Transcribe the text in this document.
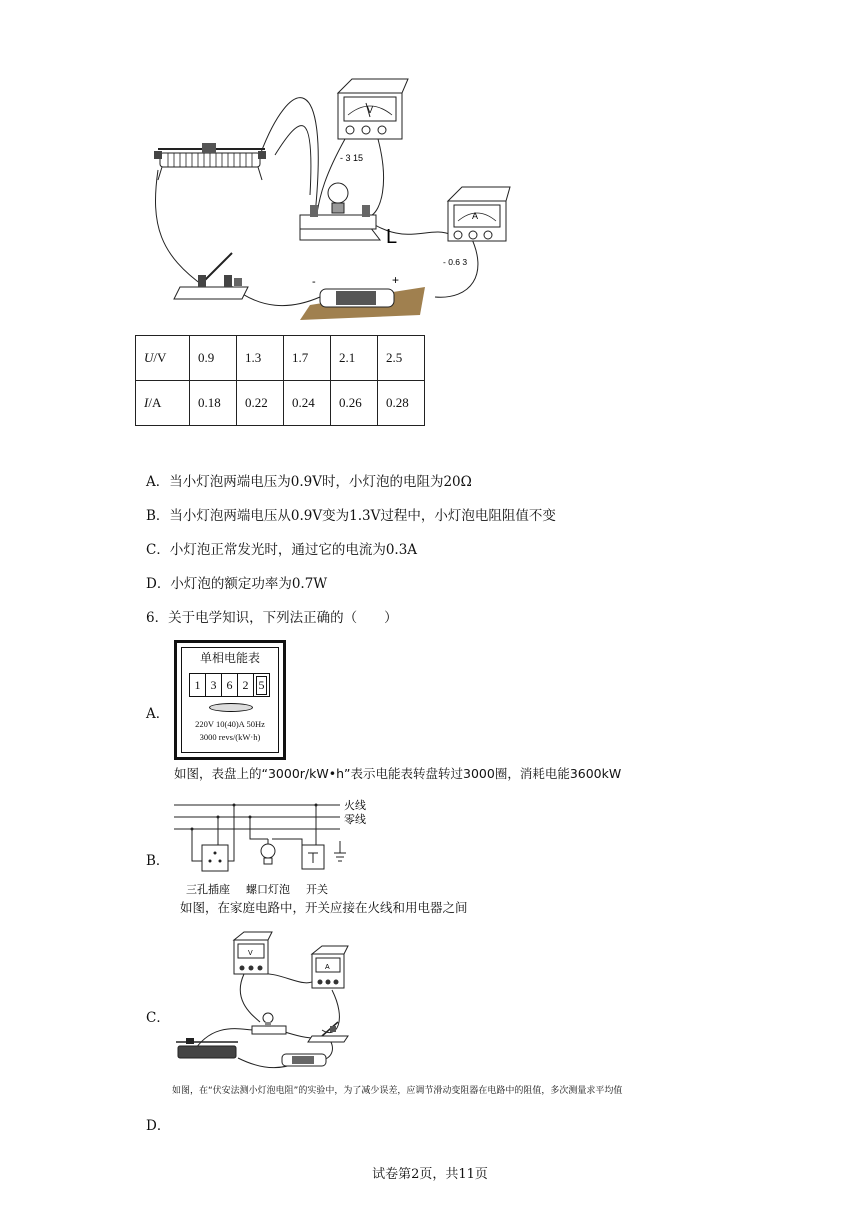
V
- 3 15
L
A
- 0.6 3
-	+
U/V	0.9	1.3	1.7	2.1	2.5
I/A	0.18	0.22	0.24	0.26	0.28
A．当小灯泡两端电压为0.9V时，小灯泡的电阻为20Ω
B．当小灯泡两端电压从0.9V变为1.3V过程中，小灯泡电阻阻值不变
C．小灯泡正常发光时，通过它的电流为0.3A
D．小灯泡的额定功率为0.7W
6．关于电学知识，下列法正确的（　　）
A．
单相电能表
1 3 6 2 5
220V 10(40)A 50Hz
3000 revs/(kW·h)
如图，表盘上的“3000r/kW•h”表示电能表转盘转过3000圈，消耗电能3600kW
B．
火线
零线
三孔插座 螺口灯泡 开关
如图，在家庭电路中，开关应接在火线和用电器之间
C．
V
A
如图，在“伏安法测小灯泡电阻”的实验中，为了减少误差，应调节滑动变阻器在电路中的阻值，多次测量求平均值
D．
试卷第2页，共11页
